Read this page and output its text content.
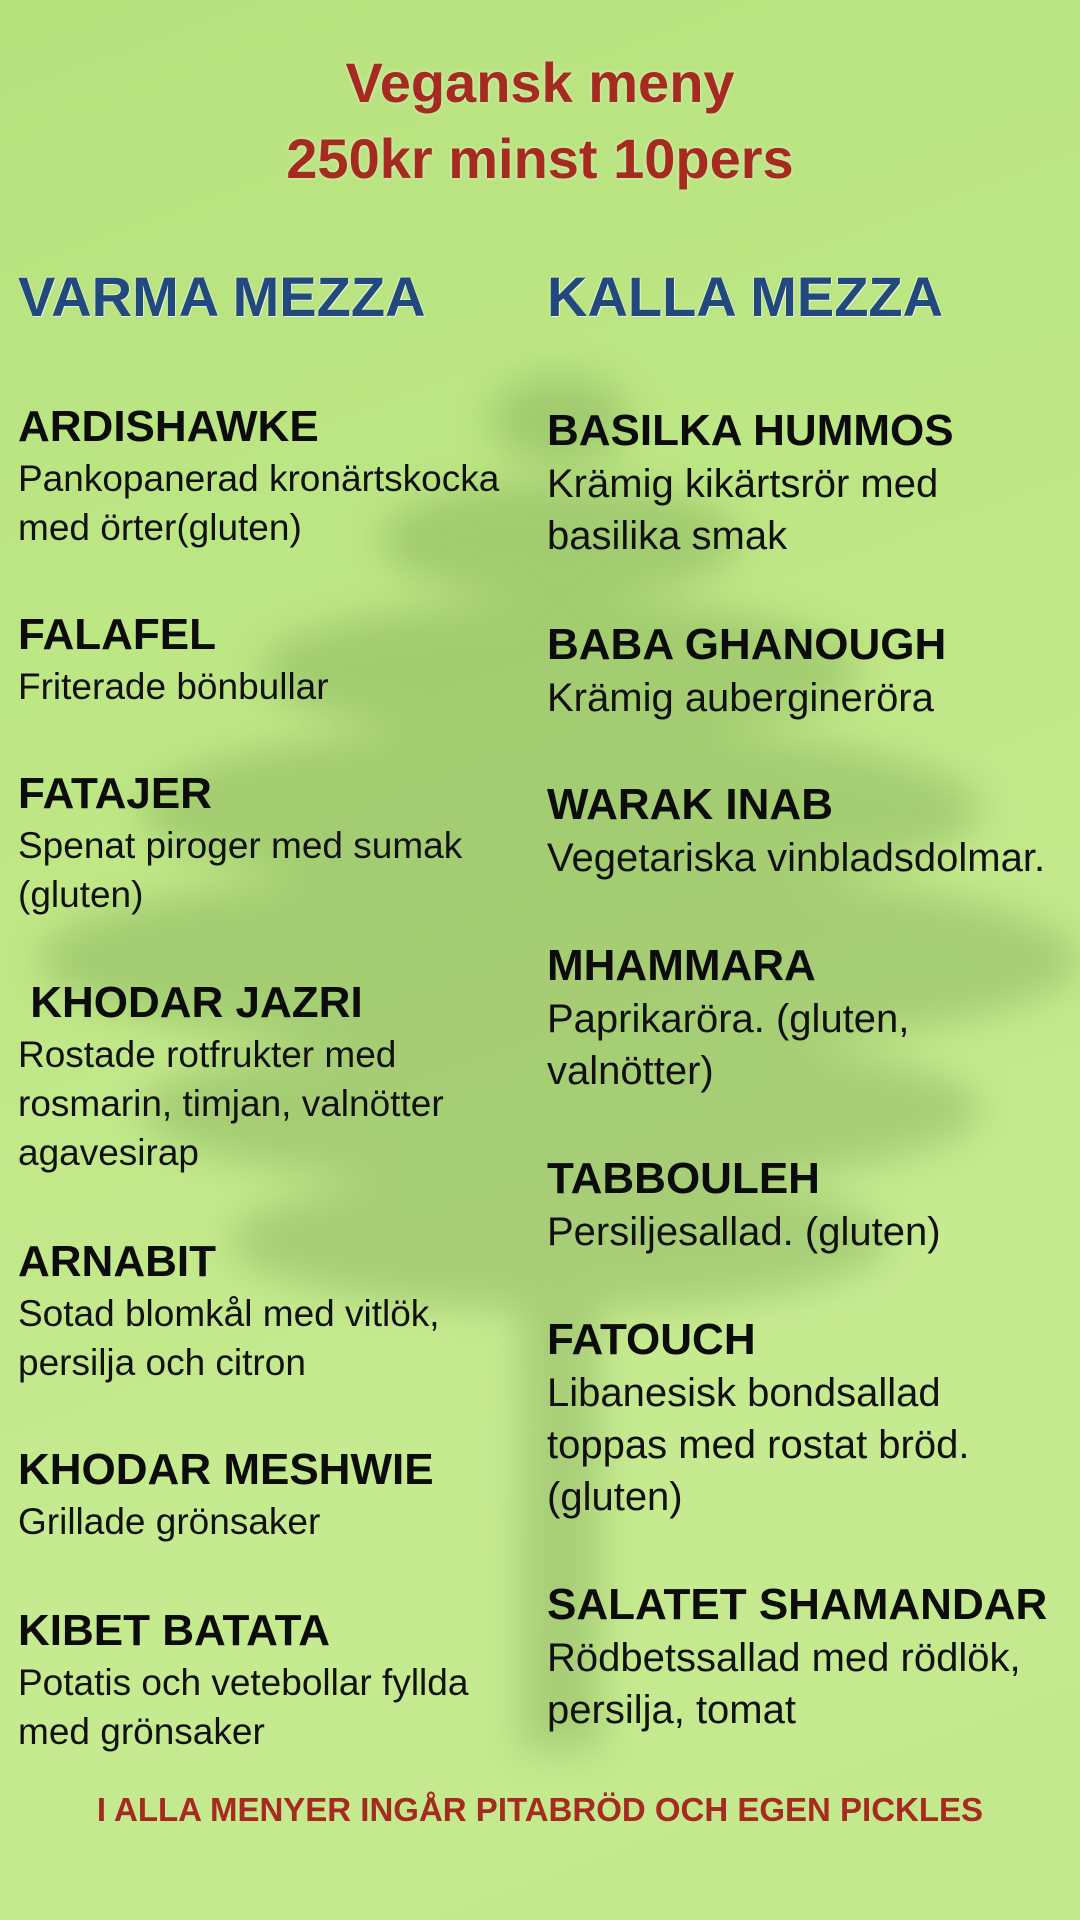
Vegansk meny
250kr minst 10pers
VARMA MEZZA	KALLA MEZZA
ARDISHAWKE
Pankopanerad kronärtskocka med örter(gluten)
FALAFEL
Friterade bönbullar
FATAJER
Spenat piroger med sumak (gluten)
KHODAR JAZRI
Rostade rotfrukter med rosmarin, timjan, valnötter agavesirap
ARNABIT
Sotad blomkål med vitlök, persilja och citron
KHODAR MESHWIE
Grillade grönsaker
KIBET BATATA
Potatis och vetebollar fyllda med grönsaker
BASILKA HUMMOS
Krämig kikärtsrör med basilika smak
BABA GHANOUGH
Krämig aubergineröra
WARAK INAB
Vegetariska vinbladsdolmar.
MHAMMARA
Paprikaröra. (gluten, valnötter)
TABBOULEH
Persiljesallad. (gluten)
FATOUCH
Libanesisk bondsallad toppas med rostat bröd. (gluten)
SALATET SHAMANDAR
Rödbetssallad med rödlök, persilja, tomat
I ALLA MENYER INGÅR PITABRÖD OCH EGEN PICKLES
